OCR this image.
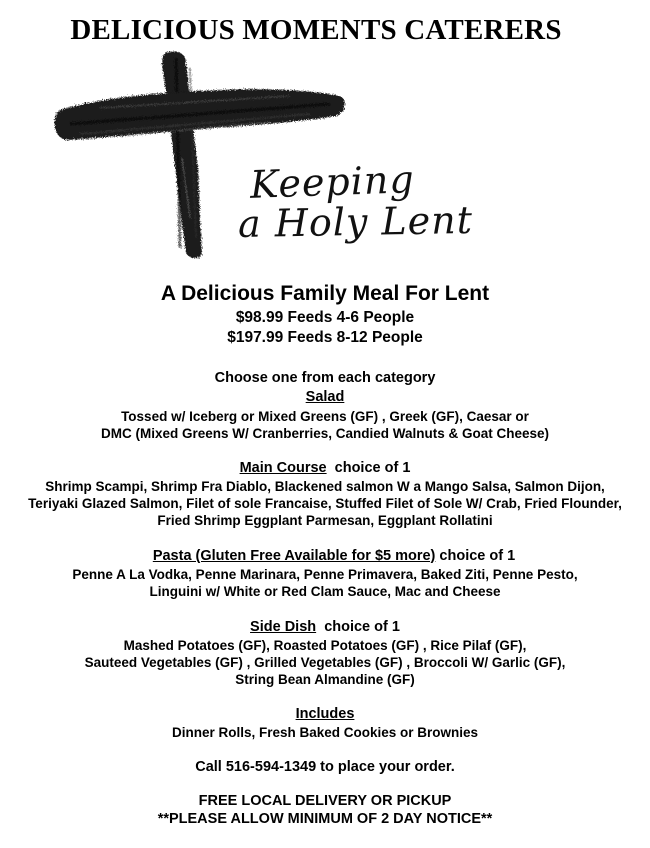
DELICIOUS MOMENTS CATERERS
Keeping
a Holy Lent
A Delicious Family Meal For Lent
$98.99 Feeds 4-6 People
$197.99 Feeds 8-12 People
Choose one from each category
Salad
Tossed w/ Iceberg or Mixed Greens (GF) , Greek (GF), Caesar or
DMC (Mixed Greens W/ Cranberries, Candied Walnuts & Goat Cheese)
Main Course choice of 1
Shrimp Scampi, Shrimp Fra Diablo, Blackened salmon W a Mango Salsa, Salmon Dijon,
Teriyaki Glazed Salmon, Filet of sole Francaise, Stuffed Filet of Sole W/ Crab, Fried Flounder,
Fried Shrimp Eggplant Parmesan, Eggplant Rollatini
Pasta (Gluten Free Available for $5 more) choice of 1
Penne A La Vodka, Penne Marinara, Penne Primavera, Baked Ziti, Penne Pesto,
Linguini w/ White or Red Clam Sauce, Mac and Cheese
Side Dish choice of 1
Mashed Potatoes (GF), Roasted Potatoes (GF) , Rice Pilaf (GF),
Sauteed Vegetables (GF) , Grilled Vegetables (GF) , Broccoli W/ Garlic (GF),
String Bean Almandine (GF)
Includes
Dinner Rolls, Fresh Baked Cookies or Brownies
Call 516-594-1349 to place your order.
FREE LOCAL DELIVERY OR PICKUP
**PLEASE ALLOW MINIMUM OF 2 DAY NOTICE**
